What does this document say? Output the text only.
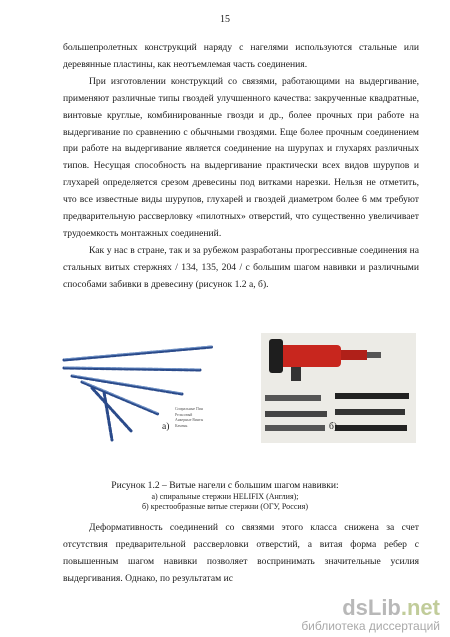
15

большепролетных конструкций наряду с нагелями используются стальные или деревянные пластины, как неотъемлемая часть соединения.

При изготовлении конструкций со связями, работающими на выдергивание, применяют различные типы гвоздей улучшенного качества: закрученные квадратные, винтовые круглые, комбинированные гвозди и др., более прочных при работе на выдергивание по сравнению с обычными гвоздями. Еще более прочным соединением при работе на выдергивание является соединение на шурупах и глухарях различных типов. Несущая способность на выдергивание практически всех видов шурупов и глухарей определяется срезом древесины под витками нарезки. Нельзя не отметить, что все известные виды шурупов, глухарей и гвоздей диаметром более 6 мм требуют предварительную рассверловку «пилотных» отверстий, что существенно увеличивает трудоемкость монтажных соединений.

Как у нас в стране, так и за рубежом разработаны прогрессивные соединения на стальных витых стержнях / 134, 135, 204 / с большим шагом навивки и различными способами забивки в древесину (рисунок 1.2 а, б).

Спиральные Пин
Рельсовый
Анкерные Винты
Каменн.
а)	б)
Рисунок 1.2 – Витые нагели с большим шагом навивки:
а) спиральные стержни HELIFIX (Англия);
б) крестообразные витые стержни (ОГУ, Россия)

Деформативность соединений со связями этого класса снижена за счет отсутствия предварительной рассверловки отверстий, а витая форма ребер с повышенным шагом навивки позволяет воспринимать значительные усилия выдергивания. Однако, по результатам ис

dsLib.net
библиотека диссертаций
